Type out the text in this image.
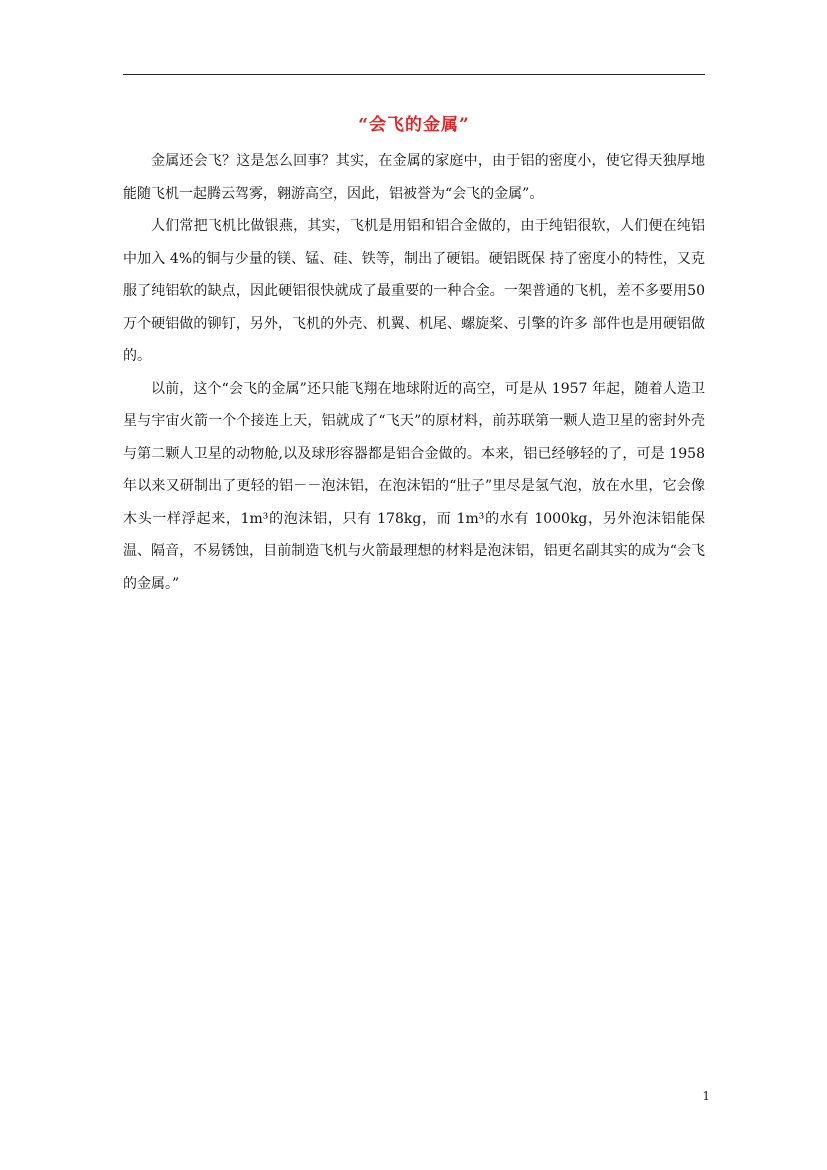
“会飞的金属”

金属还会飞？这是怎么回事？其实，在金属的家庭中，由于铝的密度小，使它得天独厚地能随飞机一起腾云驾雾，翱游高空，因此，铝被誉为“会飞的金属”。

人们常把飞机比做银燕，其实，飞机是用铝和铝合金做的，由于纯铝很软，人们便在纯铝中加入 4%的铜与少量的镁、锰、硅、铁等，制出了硬铝。硬铝既保 持了密度小的特性，又克服了纯铝软的缺点，因此硬铝很快就成了最重要的一种合金。一架普通的飞机，差不多要用50万个硬铝做的铆钉，另外，飞机的外壳、机翼、机尾、螺旋桨、引擎的许多 部件也是用硬铝做的。

以前，这个“会飞的金属”还只能飞翔在地球附近的高空，可是从 1957 年起，随着人造卫星与宇宙火箭一个个接连上天，铝就成了“飞天”的原材料，前苏联第一颗人造卫星的密封外壳与第二颗人卫星的动物舱,以及球形容器都是铝合金做的。本来，铝已经够轻的了，可是 1958 年以来又研制出了更轻的铝－－泡沫铝，在泡沫铝的“肚子”里尽是氢气泡，放在水里，它会像木头一样浮起来，1m³的泡沫铝，只有 178kg，而 1m³的水有 1000kg，另外泡沫铝能保温、隔音，不易锈蚀，目前制造飞机与火箭最理想的材料是泡沫铝，铝更名副其实的成为“会飞的金属。”

1
